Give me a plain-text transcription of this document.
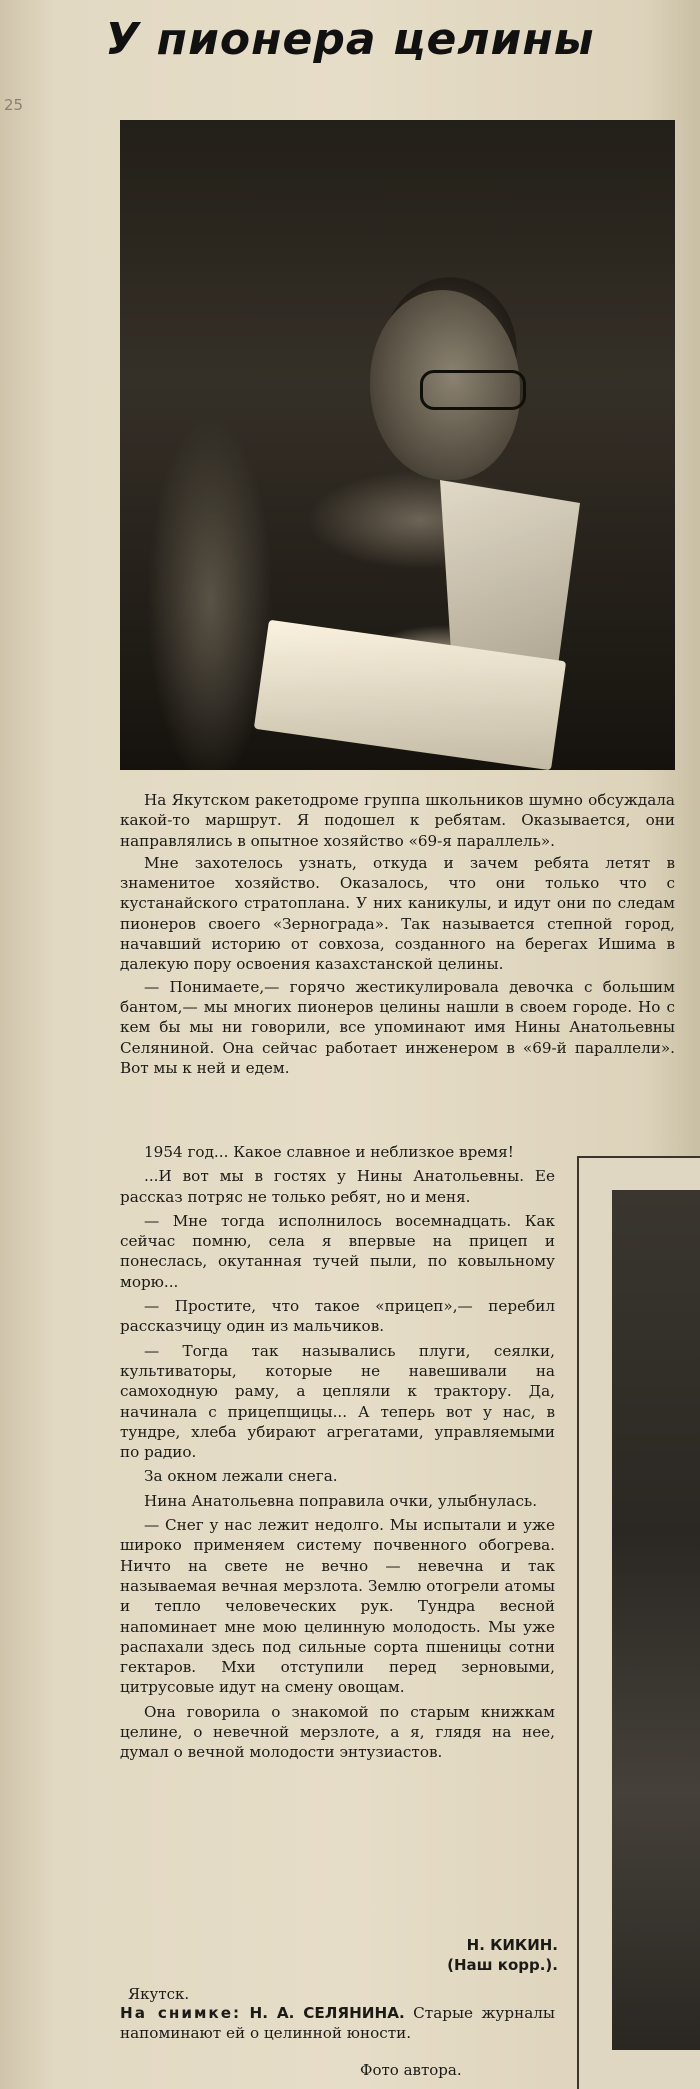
25
У пионера целины

На Якутском ракетодроме группа школьников шумно обсуждала какой-то маршрут. Я подошел к ребятам. Оказывается, они направлялись в опытное хозяйство «69-я параллель».

Мне захотелось узнать, откуда и зачем ребята летят в знаменитое хозяйство. Оказалось, что они только что с кустанайского стратоплана. У них каникулы, и идут они по следам пионеров своего «Зернограда». Так называется степной город, начавший историю от совхоза, созданного на берегах Ишима в далекую пору освоения казахстанской целины.

— Понимаете,— горячо жестикулировала девочка с большим бантом,— мы многих пионеров целины нашли в своем городе. Но с кем бы мы ни говорили, все упоминают имя Нины Анатольевны Селяниной. Она сейчас работает инженером в «69-й параллели». Вот мы к ней и едем.

1954 год... Какое славное и неблизкое время!

...И вот мы в гостях у Нины Анатольевны. Ее рассказ потряс не только ребят, но и меня.

— Мне тогда исполнилось восемнадцать. Как сейчас помню, села я впервые на прицеп и понеслась, окутанная тучей пыли, по ковыльному морю...

— Простите, что такое «прицеп»,— перебил рассказчицу один из мальчиков.

— Тогда так назывались плуги, сеялки, культиваторы, которые не навешивали на самоходную раму, а цепляли к трактору. Да, начинала с прицепщицы... А теперь вот у нас, в тундре, хлеба убирают агрегатами, управляемыми по радио.

За окном лежали снега.

Нина Анатольевна поправила очки, улыбнулась.

— Снег у нас лежит недолго. Мы испытали и уже широко применяем систему почвенного обогрева. Ничто на свете не вечно — невечна и так называемая вечная мерзлота. Землю отогрели атомы и тепло человеческих рук. Тундра весной напоминает мне мою целинную молодость. Мы уже распахали здесь под сильные сорта пшеницы сотни гектаров. Мхи отступили перед зерновыми, цитрусовые идут на смену овощам.

Она говорила о знакомой по старым книжкам целине, о невечной мерзлоте, а я, глядя на нее, думал о вечной молодости энтузиастов.

Н. КИКИН.
(Наш корр.).
Якутск.
На снимке: Н. А. СЕЛЯНИНА. Старые журналы напоминают ей о целинной юности.
Фото автора.
